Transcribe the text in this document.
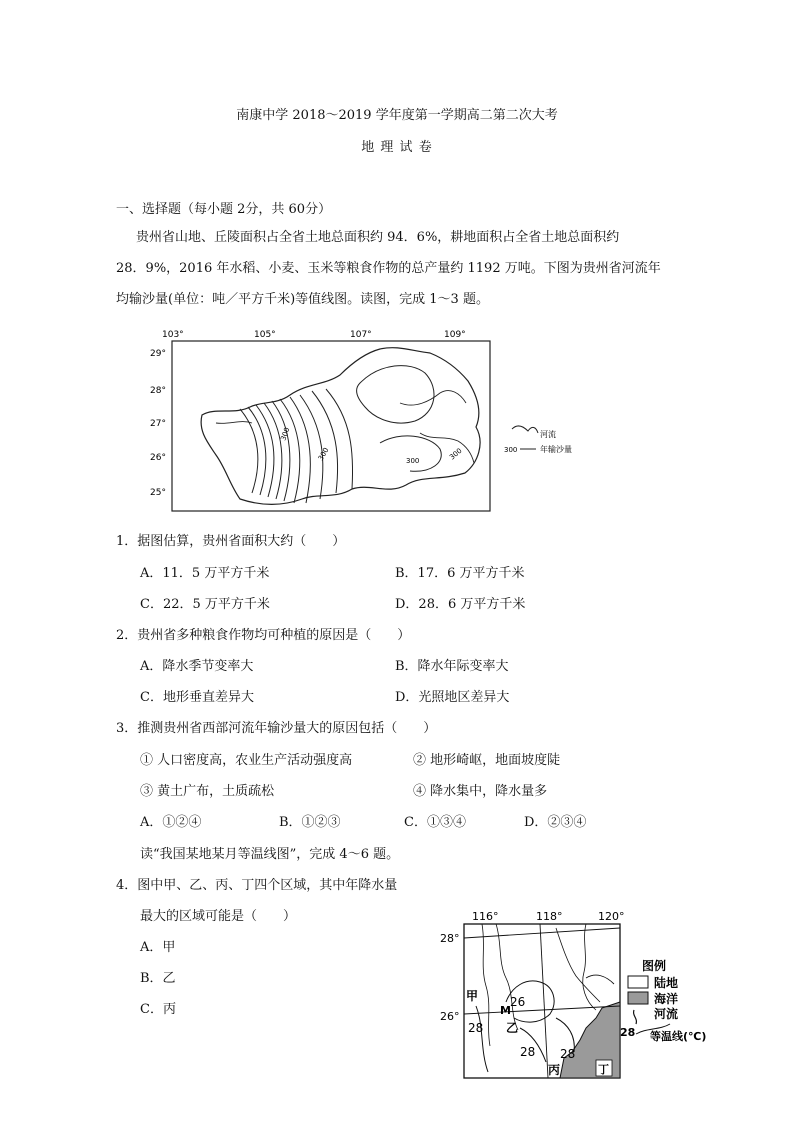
南康中学 2018～2019 学年度第一学期高二第二次大考
地 理 试 卷
一、选择题（每小题 2分，共 60分）
贵州省山地、丘陵面积占全省土地总面积约 94．6%，耕地面积占全省土地总面积约
28．9%，2016 年水稻、小麦、玉米等粮食作物的总产量约 1192 万吨。下图为贵州省河流年
均输沙量(单位：吨／平方千米)等值线图。读图，完成 1～3 题。
103°	105°	107°	109°
29°
28°
27°
26°
25°
300
300	300	300
河流
300	年输沙量
1．据图估算，贵州省面积大约（　　）
A．11．5 万平方千米	B．17．6 万平方千米
C．22．5 万平方千米	D．28．6 万平方千米
2．贵州省多种粮食作物均可种植的原因是（　　）
A．降水季节变率大	B．降水年际变率大
C．地形垂直差异大	D．光照地区差异大
3．推测贵州省西部河流年输沙量大的原因包括（　　）
① 人口密度高，农业生产活动强度高	② 地形崎岖，地面坡度陡
③ 黄土广布，土质疏松	④ 降水集中，降水量多
A．①②④	B．①②③	C．①③④	D．②③④
读“我国某地某月等温线图”，完成 4～6 题。
4．图中甲、乙、丙、丁四个区域，其中年降水量
最大的区域可能是（　　）
A．甲
B．乙
C．丙
116°	118°	120°
28°
26°
甲
乙
丙	丁
M
26
28
28 28
图例
陆地
海洋
河流
28 等温线(℃)
